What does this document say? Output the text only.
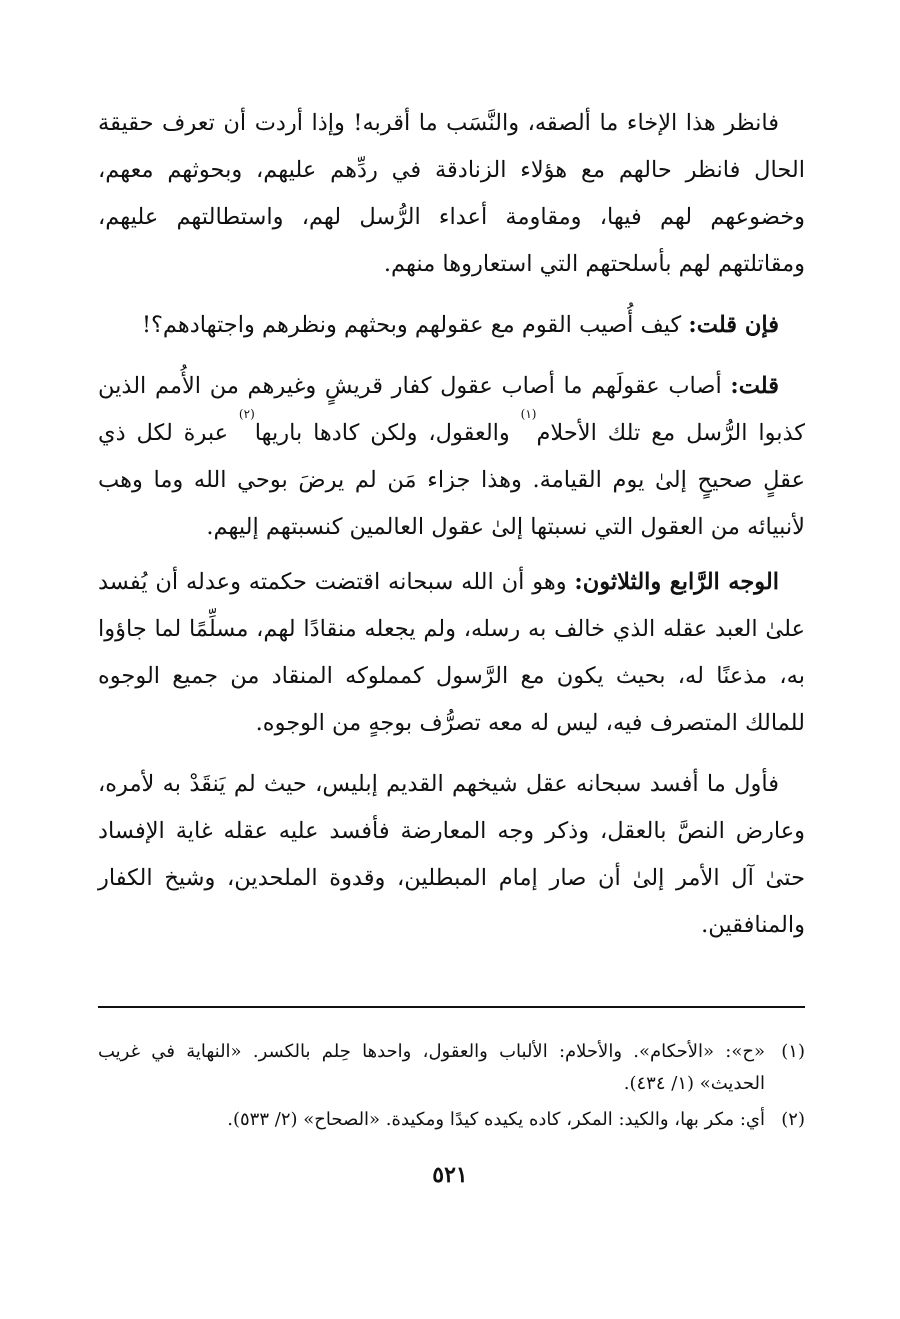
فانظر هذا الإخاء ما ألصقه، والنَّسَب ما أقربه! وإذا أردت أن تعرف حقيقة الحال فانظر حالهم مع هؤلاء الزنادقة في ردِّهم عليهم، وبحوثهم معهم، وخضوعهم لهم فيها، ومقاومة أعداء الرُّسل لهم، واستطالتهم عليهم، ومقاتلتهم لهم بأسلحتهم التي استعاروها منهم.

فإن قلت: كيف أُصيب القوم مع عقولهم وبحثهم ونظرهم واجتهادهم؟!

قلت: أصاب عقولَهم ما أصاب عقول كفار قريشٍ وغيرهم من الأُمم الذين كذبوا الرُّسل مع تلك الأحلام$^{(١)}$ والعقول، ولكن كادها باريها$^{(٢)}$ عبرة لكل ذي عقلٍ صحيحٍ إلىٰ يوم القيامة. وهذا جزاء مَن لم يرضَ بوحي الله وما وهب لأنبيائه من العقول التي نسبتها إلىٰ عقول العالمين كنسبتهم إليهم.

الوجه الرَّابع والثلاثون: وهو أن الله سبحانه اقتضت حكمته وعدله أن يُفسد علىٰ العبد عقله الذي خالف به رسله، ولم يجعله منقادًا لهم، مسلِّمًا لما جاؤوا به، مذعنًا له، بحيث يكون مع الرَّسول كمملوكه المنقاد من جميع الوجوه للمالك المتصرف فيه، ليس له معه تصرُّف بوجهٍ من الوجوه.

فأول ما أفسد سبحانه عقل شيخهم القديم إبليس، حيث لم يَنقَدْ به لأمره، وعارض النصَّ بالعقل، وذكر وجه المعارضة فأفسد عليه عقله غاية الإفساد حتىٰ آل الأمر إلىٰ أن صار إمام المبطلين، وقدوة الملحدين، وشيخ الكفار والمنافقين.

(١)
«ح»: «الأحكام». والأحلام: الألباب والعقول، واحدها حِلم بالكسر. «النهاية في غريب الحديث» (١/ ٤٣٤).
(٢)
أي: مكر بها، والكيد: المكر، كاده يكيده كيدًا ومكيدة. «الصحاح» (٢/ ٥٣٣).
٥٢١
